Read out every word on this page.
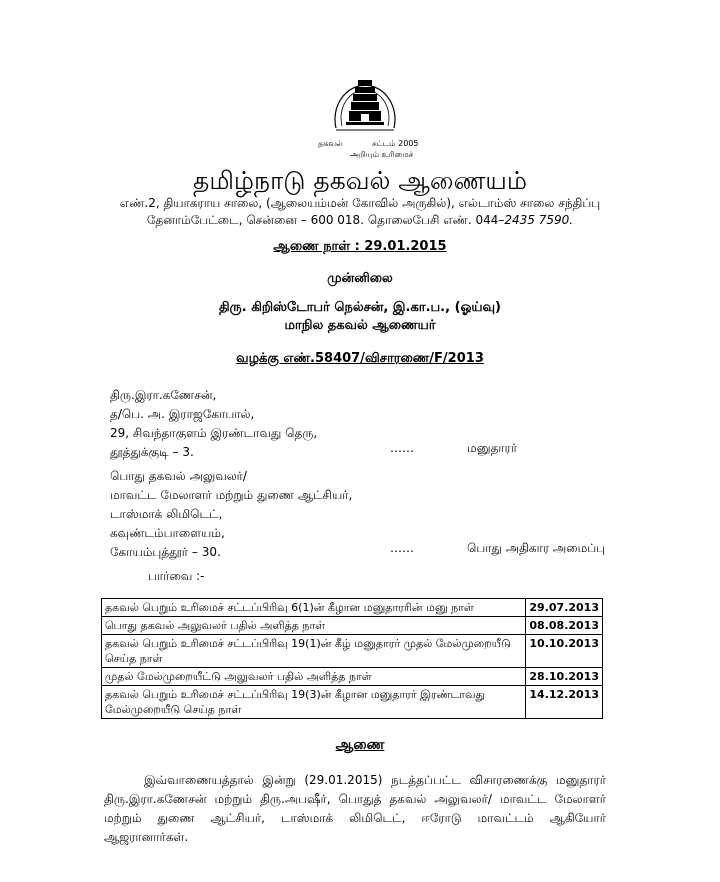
தகவல்
அறியும் உரிமைச்
சட்டம் 2005
தமிழ்நாடு தகவல் ஆணையம்
எண்.2, தியாகராய சாலை, (ஆலையம்மன் கோவில் அருகில்), எல்டாம்ஸ் சாலை சந்திப்பு
தேனாம்பேட்டை, சென்னை – 600 018. தொலைபேசி எண். 044–2435 7590.
ஆணை நாள் : 29.01.2015
முன்னிலை
திரு. கிறிஸ்டோபர் நெல்சன், இ.கா.ப., (ஓய்வு)
மாநில தகவல் ஆணையர்
வழக்கு எண்.58407/விசாரணை/F/2013
திரு.இரா.கணேசன்,
த/பெ. அ. இராஜகோபால்,
29, சிவந்தாகுளம் இரண்டாவது தெரு,
தூத்துக்குடி – 3.	……	மனுதாரர்
பொது தகவல் அலுவலர்/
மாவட்ட மேலாளர் மற்றும் துணை ஆட்சியர்,
டாஸ்மாக் லிமிடெட்,
கவுண்டம்பாளையம்,
கோயம்புத்தூர் – 30.	……	பொது அதிகார அமைப்பு
பார்வை :-
தகவல் பெறும் உரிமைச் சட்டப்பிரிவு 6(1)ன் கீழான மனுதாரரின் மனு நாள்	29.07.2013
பொது தகவல் அலுவலர் பதில் அளித்த நாள்	08.08.2013
தகவல் பெறும் உரிமைச் சட்டப்பிரிவு 19(1)ன் கீழ் மனுதாரர் முதல் மேல்முறையீடு செய்த நாள்	10.10.2013
முதல் மேல்முறையீட்டு அலுவலர் பதில் அளித்த நாள்	28.10.2013
தகவல் பெறும் உரிமைச் சட்டப்பிரிவு 19(3)ன் கீழான மனுதாரர் இரண்டாவது மேல்முறையீடு செய்த நாள்	14.12.2013
ஆணை

இவ்வாணையத்தால் இன்று (29.01.2015) நடத்தப்பட்ட விசாரணைக்கு மனுதாரர் திரு.இரா.கணேசன் மற்றும் திரு.அபஷீர், பொதுத் தகவல் அலுவலர்/ மாவட்ட மேலாளர் மற்றும் துணை ஆட்சியர், டாஸ்மாக் லிமிடெட், ஈரோடு மாவட்டம் ஆகியோர் ஆஜரானார்கள்.
